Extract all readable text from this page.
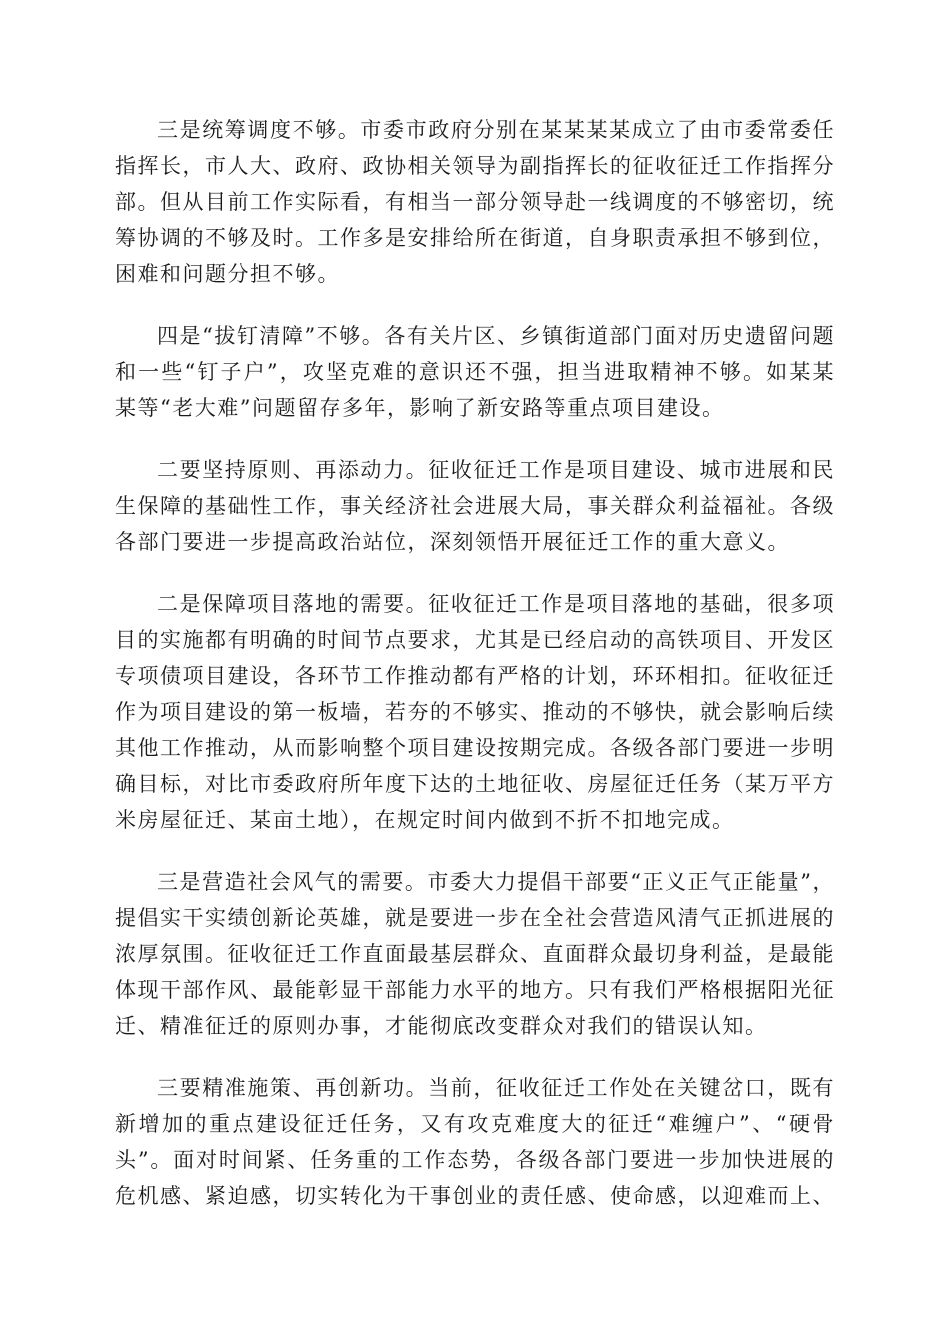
三是统筹调度不够。市委市政府分别在某某某某成立了由市委常委任指挥长，市人大、政府、政协相关领导为副指挥长的征收征迁工作指挥分部。但从目前工作实际看，有相当一部分领导赴一线调度的不够密切，统筹协调的不够及时。工作多是安排给所在街道，自身职责承担不够到位，困难和问题分担不够。

四是“拔钉清障”不够。各有关片区、乡镇街道部门面对历史遗留问题和一些“钉子户”，攻坚克难的意识还不强，担当进取精神不够。如某某某等“老大难”问题留存多年，影响了新安路等重点项目建设。

二要坚持原则、再添动力。征收征迁工作是项目建设、城市进展和民生保障的基础性工作，事关经济社会进展大局，事关群众利益福祉。各级各部门要进一步提高政治站位，深刻领悟开展征迁工作的重大意义。

二是保障项目落地的需要。征收征迁工作是项目落地的基础，很多项目的实施都有明确的时间节点要求，尤其是已经启动的高铁项目、开发区专项债项目建设，各环节工作推动都有严格的计划，环环相扣。征收征迁作为项目建设的第一板墙，若夯的不够实、推动的不够快，就会影响后续其他工作推动，从而影响整个项目建设按期完成。各级各部门要进一步明确目标，对比市委政府所年度下达的土地征收、房屋征迁任务（某万平方米房屋征迁、某亩土地），在规定时间内做到不折不扣地完成。

三是营造社会风气的需要。市委大力提倡干部要“正义正气正能量”，提倡实干实绩创新论英雄，就是要进一步在全社会营造风清气正抓进展的浓厚氛围。征收征迁工作直面最基层群众、直面群众最切身利益，是最能体现干部作风、最能彰显干部能力水平的地方。只有我们严格根据阳光征迁、精准征迁的原则办事，才能彻底改变群众对我们的错误认知。

三要精准施策、再创新功。当前，征收征迁工作处在关键岔口，既有新增加的重点建设征迁任务，又有攻克难度大的征迁“难缠户”、“硬骨头”。面对时间紧、任务重的工作态势，各级各部门要进一步加快进展的危机感、紧迫感，切实转化为干事创业的责任感、使命感，以迎难而上、
